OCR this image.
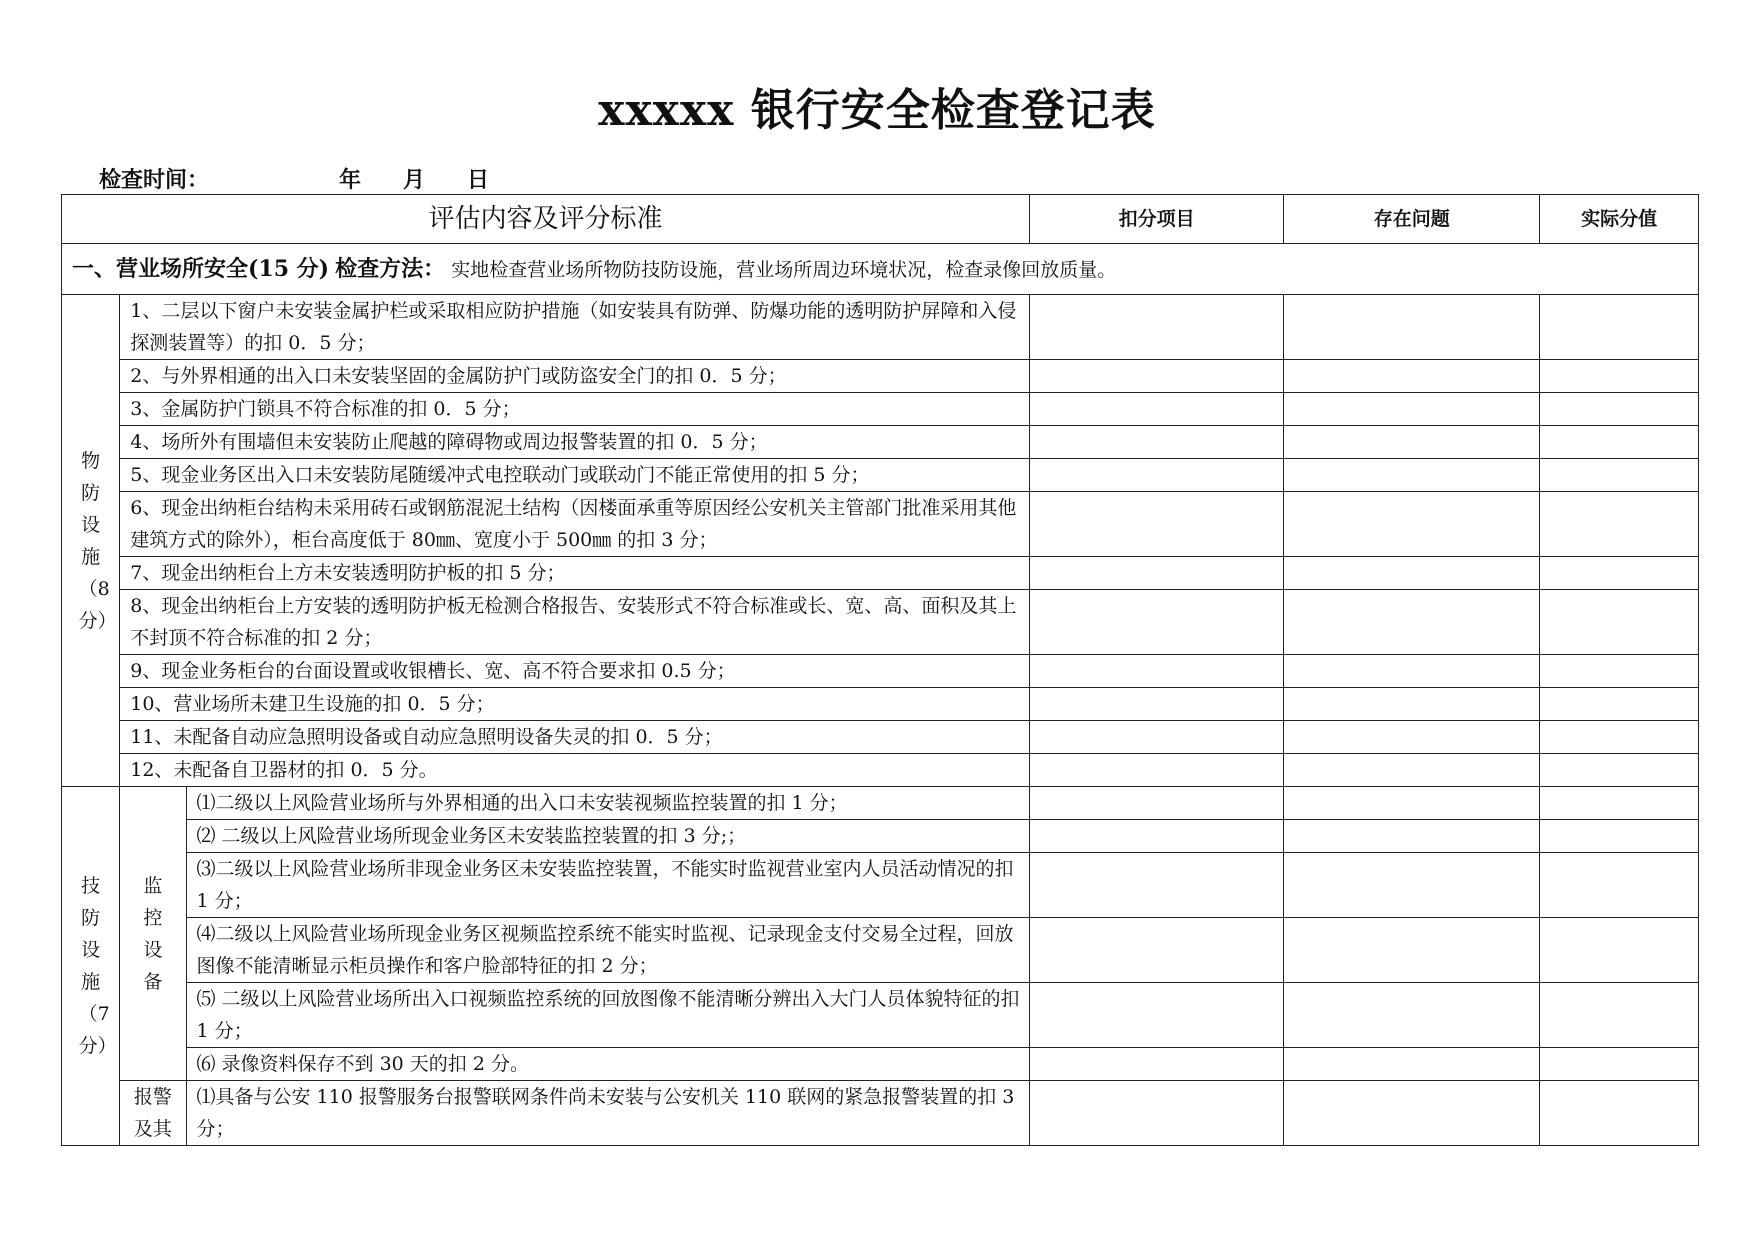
xxxxx 银行安全检查登记表
检查时间：	年 月 日
评估内容及评分标准			扣分项目	存在问题	实际分值
一、营业场所安全(15 分) 检查方法： 实地检查营业场所物防技防设施，营业场所周边环境状况，检查录像回放质量。					
物防设施（8分）	1、二层以下窗户未安装金属护栏或采取相应防护措施（如安装具有防弹、防爆功能的透明防护屏障和入侵探测装置等）的扣 0．5 分；				
	2、与外界相通的出入口未安装坚固的金属防护门或防盗安全门的扣 0．5 分；				
	3、金属防护门锁具不符合标准的扣 0．5 分；				
	4、场所外有围墙但未安装防止爬越的障碍物或周边报警装置的扣 0．5 分；				
	5、现金业务区出入口未安装防尾随缓冲式电控联动门或联动门不能正常使用的扣 5 分；				
	6、现金出纳柜台结构未采用砖石或钢筋混泥土结构（因楼面承重等原因经公安机关主管部门批准采用其他建筑方式的除外），柜台高度低于 80㎜、宽度小于 500㎜ 的扣 3 分；				
	7、现金出纳柜台上方未安装透明防护板的扣 5 分；				
	8、现金出纳柜台上方安装的透明防护板无检测合格报告、安装形式不符合标准或长、宽、高、面积及其上不封顶不符合标准的扣 2 分；				
	9、现金业务柜台的台面设置或收银槽长、宽、高不符合要求扣 0.5 分；				
	10、营业场所未建卫生设施的扣 0．5 分；				
	11、未配备自动应急照明设备或自动应急照明设备失灵的扣 0．5 分；				
	12、未配备自卫器材的扣 0．5 分。				
技防设施（7分）	监控设备	⑴二级以上风险营业场所与外界相通的出入口未安装视频监控装置的扣 1 分；			
		⑵ 二级以上风险营业场所现金业务区未安装监控装置的扣 3 分;；			
		⑶二级以上风险营业场所非现金业务区未安装监控装置，不能实时监视营业室内人员活动情况的扣 1 分；			
		⑷二级以上风险营业场所现金业务区视频监控系统不能实时监视、记录现金支付交易全过程，回放图像不能清晰显示柜员操作和客户脸部特征的扣 2 分；			
		⑸ 二级以上风险营业场所出入口视频监控系统的回放图像不能清晰分辨出入大门人员体貌特征的扣 1 分；			
		⑹ 录像资料保存不到 30 天的扣 2 分。			
	报警及其	⑴具备与公安 110 报警服务台报警联网条件尚未安装与公安机关 110 联网的紧急报警装置的扣 3 分；			
